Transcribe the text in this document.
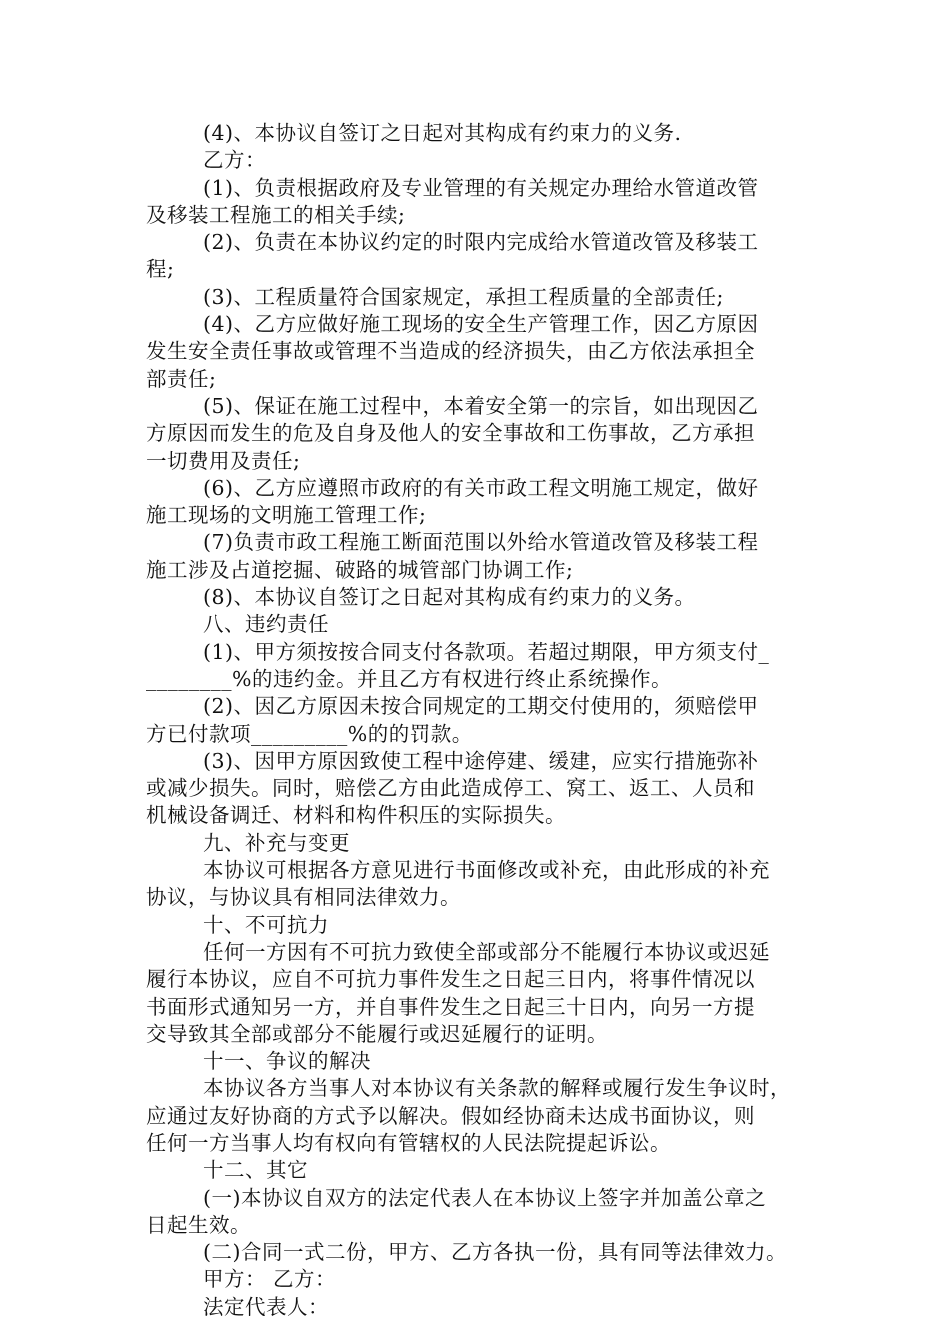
(4)、本协议自签订之日起对其构成有约束力的义务.
乙方：
(1)、负责根据政府及专业管理的有关规定办理给水管道改管
及移装工程施工的相关手续;
(2)、负责在本协议约定的时限内完成给水管道改管及移装工
程;
(3)、工程质量符合国家规定，承担工程质量的全部责任;
(4)、乙方应做好施工现场的安全生产管理工作，因乙方原因
发生安全责任事故或管理不当造成的经济损失，由乙方依法承担全
部责任;
(5)、保证在施工过程中，本着安全第一的宗旨，如出现因乙
方原因而发生的危及自身及他人的安全事故和工伤事故，乙方承担
一切费用及责任;
(6)、乙方应遵照市政府的有关市政工程文明施工规定，做好
施工现场的文明施工管理工作;
(7)负责市政工程施工断面范围以外给水管道改管及移装工程
施工涉及占道挖掘、破路的城管部门协调工作;
(8)、本协议自签订之日起对其构成有约束力的义务。
八、违约责任
(1)、甲方须按按合同支付各款项。若超过期限，甲方须支付_
________%的违约金。并且乙方有权进行终止系统操作。
(2)、因乙方原因未按合同规定的工期交付使用的，须赔偿甲
方已付款项_________%的的罚款。
(3)、因甲方原因致使工程中途停建、缓建，应实行措施弥补
或减少损失。同时，赔偿乙方由此造成停工、窝工、返工、人员和
机械设备调迁、材料和构件积压的实际损失。
九、补充与变更
本协议可根据各方意见进行书面修改或补充，由此形成的补充
协议，与协议具有相同法律效力。
十、不可抗力
任何一方因有不可抗力致使全部或部分不能履行本协议或迟延
履行本协议，应自不可抗力事件发生之日起三日内，将事件情况以
书面形式通知另一方，并自事件发生之日起三十日内，向另一方提
交导致其全部或部分不能履行或迟延履行的证明。
十一、争议的解决
本协议各方当事人对本协议有关条款的解释或履行发生争议时，
应通过友好协商的方式予以解决。假如经协商未达成书面协议，则
任何一方当事人均有权向有管辖权的人民法院提起诉讼。
十二、其它
(一)本协议自双方的法定代表人在本协议上签字并加盖公章之
日起生效。
(二)合同一式二份，甲方、乙方各执一份，具有同等法律效力。
甲方： 乙方：
法定代表人：
